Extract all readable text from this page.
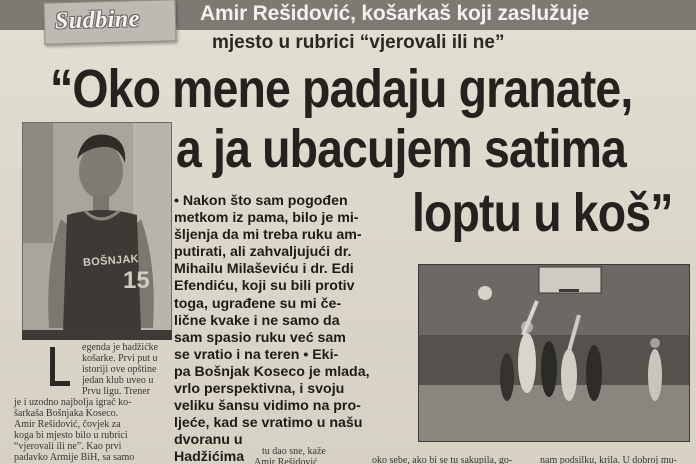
Sudbine	Amir Rešidović, košarkaš koji zaslužuje
mjesto u rubrici “vjerovali ili ne”
“Oko mene padaju granate,
a ja ubacujem satima
loptu u koš”
BOŠNJAK
15
• Nakon što sam pogođen
metkom iz pama, bilo je mi-
šljenja da mi treba ruku am-
putirati, ali zahvaljujući dr.
Mihailu Milaševiću i dr. Edi
Efendiću, koji su bili protiv
toga, ugrađene su mi če-
lične kvake i ne samo da
sam spasio ruku već sam
se vratio i na teren • Eki-
pa Bošnjak Koseco je mlada,
vrlo perspektivna, i svoju
veliku šansu vidimo na pro-
ljeće, kad se vratimo u našu
dvoranu u
Hadžićima
egenda je hadžićke
košarke. Prvi put u
istoriji ove opštine
jedan klub uveo u
Prvu ligu. Trener
je i uzodno najbolja igrač ko-
šarkaša Bošnjaka Koseco.
Amir Rešidović, čovjek za
koga bi mjesto bilo u rubrici
“vjerovali ili ne”. Kao prvi
padavko Armije BiH, sa samo
tu dao sne, kaže
Amir Rešidović	oko sebe, ako bi se tu sakupila, go-	nam podsilku, krila. U dobroj mu-
